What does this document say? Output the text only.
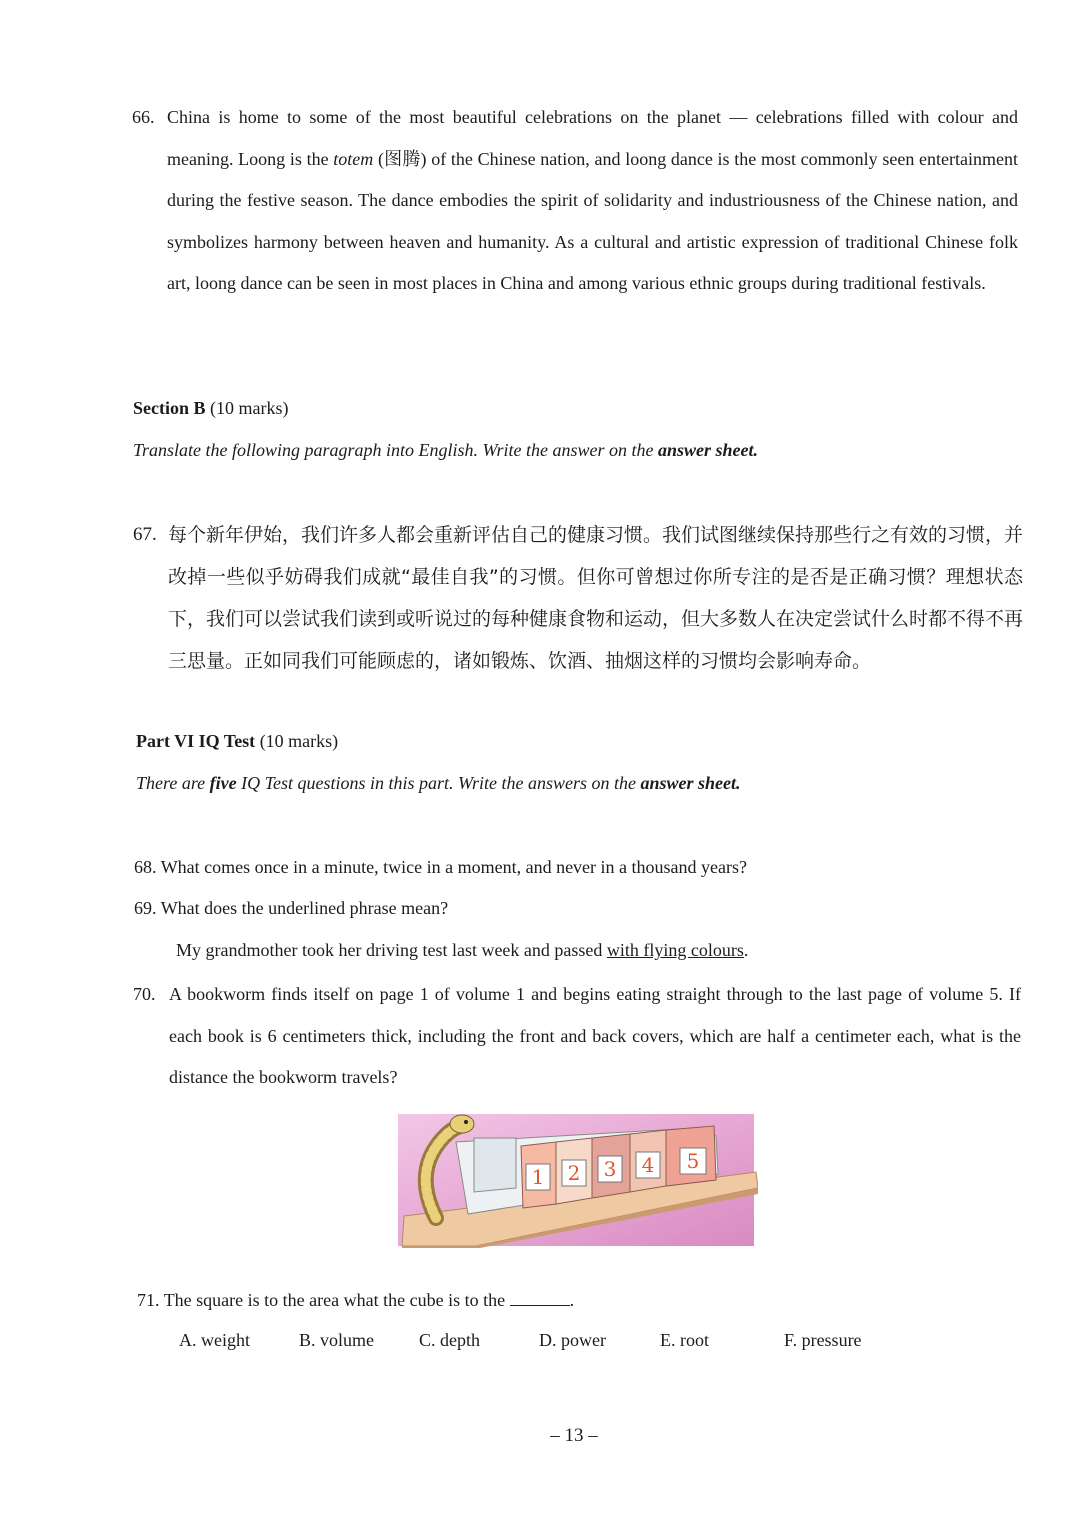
66. China is home to some of the most beautiful celebrations on the planet — celebrations filled with colour and meaning. Loong is the totem (图腾) of the Chinese nation, and loong dance is the most commonly seen entertainment during the festive season. The dance embodies the spirit of solidarity and industriousness of the Chinese nation, and symbolizes harmony between heaven and humanity. As a cultural and artistic expression of traditional Chinese folk art, loong dance can be seen in most places in China and among various ethnic groups during traditional festivals.
Section B (10 marks)
Translate the following paragraph into English. Write the answer on the answer sheet.
67. 每个新年伊始，我们许多人都会重新评估自己的健康习惯。我们试图继续保持那些行之有效的习惯，并改掉一些似乎妨碍我们成就“最佳自我”的习惯。但你可曾想过你所专注的是否是正确习惯？理想状态下，我们可以尝试我们读到或听说过的每种健康食物和运动，但大多数人在决定尝试什么时都不得不再三思量。正如同我们可能顾虑的，诸如锻炼、饮酒、抽烟这样的习惯均会影响寿命。
Part VI IQ Test (10 marks)
There are five IQ Test questions in this part. Write the answers on the answer sheet.
68. What comes once in a minute, twice in a moment, and never in a thousand years?
69. What does the underlined phrase mean?
My grandmother took her driving test last week and passed with flying colours.
70. A bookworm finds itself on page 1 of volume 1 and begins eating straight through to the last page of volume 5. If each book is 6 centimeters thick, including the front and back covers, which are half a centimeter each, what is the distance the bookworm travels?
1 2 3 4 5
71. The square is to the area what the cube is to the	.
A. weight	B. volume	C. depth	D. power	E. root	F. pressure
– 13 –
